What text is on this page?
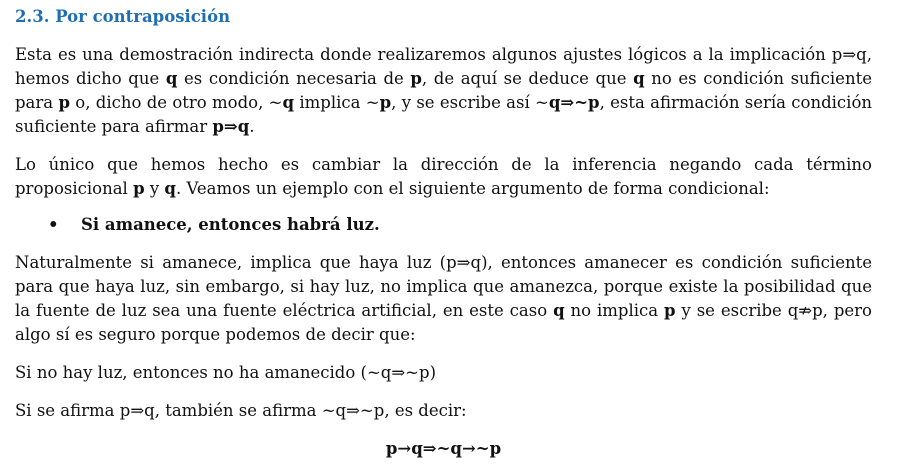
2.3. Por contraposición

Esta es una demostración indirecta donde realizaremos algunos ajustes lógicos a la implicación p⇒q, hemos dicho que q es condición necesaria de p, de aquí se deduce que q no es condición suficiente para p o, dicho de otro modo, ~q implica ~p, y se escribe así ~q⇒~p, esta afirmación sería condición suficiente para afirmar p⇒q.

Lo único que hemos hecho es cambiar la dirección de la inferencia negando cada término proposicional p y q. Veamos un ejemplo con el siguiente argumento de forma condicional:

• Si amanece, entonces habrá luz.

Naturalmente si amanece, implica que haya luz (p⇒q), entonces amanecer es condición suficiente para que haya luz, sin embargo, si hay luz, no implica que amanezca, porque existe la posibilidad que la fuente de luz sea una fuente eléctrica artificial, en este caso q no implica p y se escribe q⇏p, pero algo sí es seguro porque podemos de decir que:

Si no hay luz, entonces no ha amanecido (~q⇒~p)

Si se afirma p⇒q, también se afirma ~q⇒~p, es decir:

p→q⇒~q→~p
